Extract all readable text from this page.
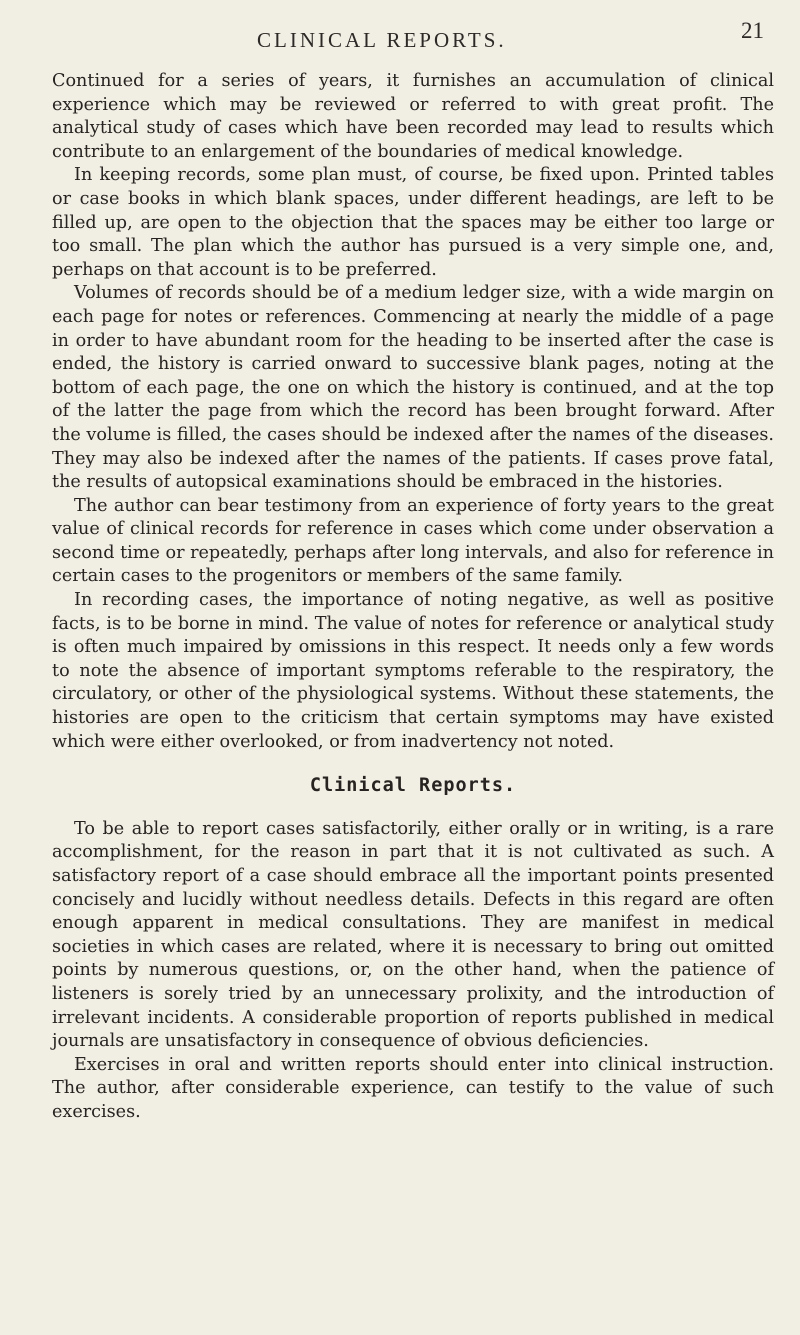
CLINICAL REPORTS.	21

Continued for a series of years, it furnishes an accumulation of clinical experience which may be reviewed or referred to with great profit. The analytical study of cases which have been recorded may lead to results which contribute to an enlargement of the boundaries of medical knowledge.

In keeping records, some plan must, of course, be fixed upon. Printed tables or case books in which blank spaces, under different headings, are left to be filled up, are open to the objection that the spaces may be either too large or too small. The plan which the author has pursued is a very simple one, and, perhaps on that account is to be preferred.

Volumes of records should be of a medium ledger size, with a wide margin on each page for notes or references. Commencing at nearly the middle of a page in order to have abundant room for the heading to be inserted after the case is ended, the history is carried onward to successive blank pages, noting at the bottom of each page, the one on which the history is continued, and at the top of the latter the page from which the record has been brought forward. After the volume is filled, the cases should be indexed after the names of the diseases. They may also be indexed after the names of the patients. If cases prove fatal, the results of autopsical examinations should be embraced in the histories.

The author can bear testimony from an experience of forty years to the great value of clinical records for reference in cases which come under observation a second time or repeatedly, perhaps after long intervals, and also for reference in certain cases to the progenitors or members of the same family.

In recording cases, the importance of noting negative, as well as positive facts, is to be borne in mind. The value of notes for reference or analytical study is often much impaired by omissions in this respect. It needs only a few words to note the absence of important symptoms referable to the respiratory, the circulatory, or other of the physiological systems. Without these statements, the histories are open to the criticism that certain symptoms may have existed which were either overlooked, or from inadvertency not noted.

Clinical Reports.

To be able to report cases satisfactorily, either orally or in writing, is a rare accomplishment, for the reason in part that it is not cultivated as such. A satisfactory report of a case should embrace all the important points presented concisely and lucidly without needless details. Defects in this regard are often enough apparent in medical consultations. They are manifest in medical societies in which cases are related, where it is necessary to bring out omitted points by numerous questions, or, on the other hand, when the patience of listeners is sorely tried by an unnecessary prolixity, and the introduction of irrelevant incidents. A considerable proportion of reports published in medical journals are unsatisfactory in consequence of obvious deficiencies.

Exercises in oral and written reports should enter into clinical instruction. The author, after considerable experience, can testify to the value of such exercises.
